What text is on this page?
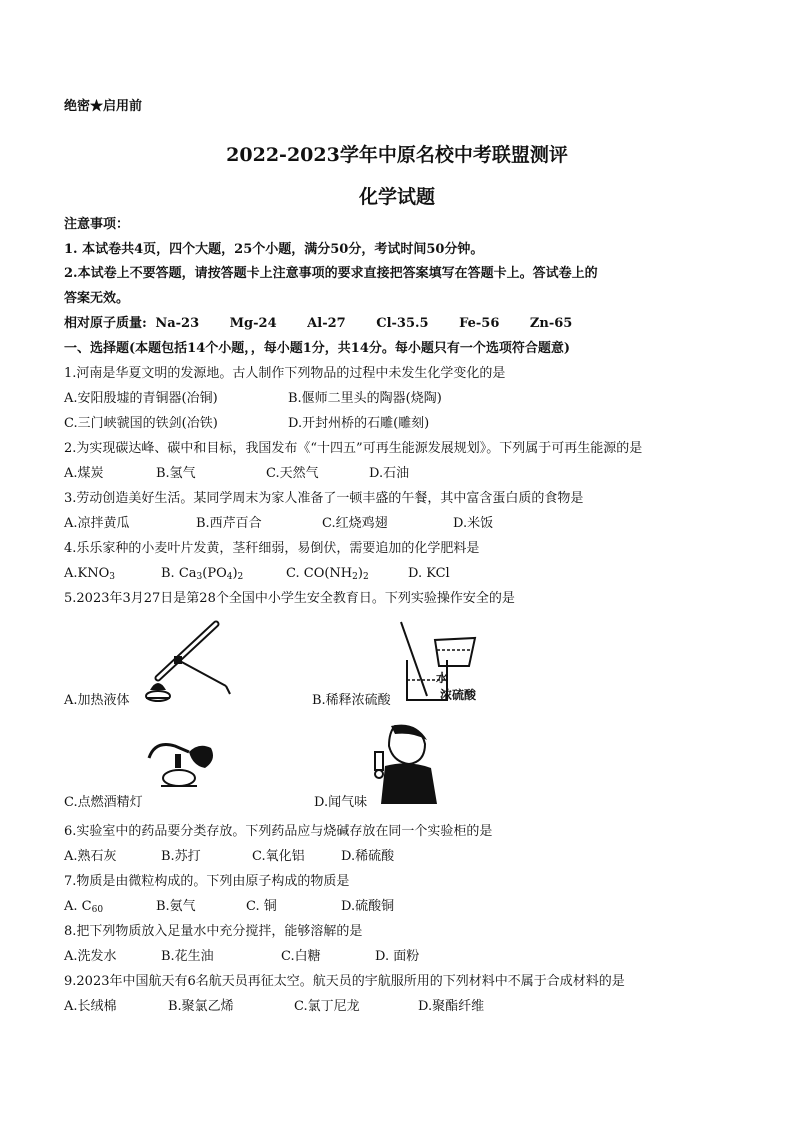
绝密★启用前
2022-2023学年中原名校中考联盟测评
化学试题
注意事项：
1. 本试卷共4页，四个大题，25个小题，满分50分，考试时间50分钟。
2.本试卷上不要答题，请按答题卡上注意事项的要求直接把答案填写在答题卡上。答试卷上的
答案无效。
相对原子质量: Na-23 Mg-24 Al-27 Cl-35.5 Fe-56 Zn-65
一、选择题(本题包括14个小题，，每小题1分，共14分。每小题只有一个选项符合题意)
1.河南是华夏文明的发源地。古人制作下列物品的过程中未发生化学变化的是
A.安阳殷墟的青铜器(冶铜)	B.偃师二里头的陶器(烧陶)
C.三门峡虢国的铁剑(冶铁)	D.开封州桥的石雕(雕刻)
2.为实现碳达峰、碳中和目标，我国发布《“十四五”可再生能源发展规划》。下列属于可再生能源的是
A.煤炭	B.氢气	C.天然气	D.石油
3.劳动创造美好生活。某同学周末为家人准备了一顿丰盛的午餐，其中富含蛋白质的食物是
A.凉拌黄瓜	B.西芹百合	C.红烧鸡翅	D.米饭
4.乐乐家种的小麦叶片发黄，茎秆细弱，易倒伏，需要追加的化学肥料是
$A.KNO_3$	B. $Ca_3(PO_4)_2$	C. $CO(NH_2)_2$	D. KCl
5.2023年3月27日是第28个全国中小学生安全教育日。下列实验操作安全的是
A.加热液体
水
浓硫酸
B.稀释浓硫酸
C.点燃酒精灯	D.闻气味
6.实验室中的药品要分类存放。下列药品应与烧碱存放在同一个实验柜的是
A.熟石灰	B.苏打	C.氧化铝	D.稀硫酸
7.物质是由微粒构成的。下列由原子构成的物质是
A. $C_{60}$	B.氨气	C. 铜	D.硫酸铜
8.把下列物质放入足量水中充分搅拌，能够溶解的是
A.洗发水	B.花生油	C.白糖	D. 面粉
9.2023年中国航天有6名航天员再征太空。航天员的宇航服所用的下列材料中不属于合成材料的是
A.长绒棉	B.聚氯乙烯	C.氯丁尼龙	D.聚酯纤维
